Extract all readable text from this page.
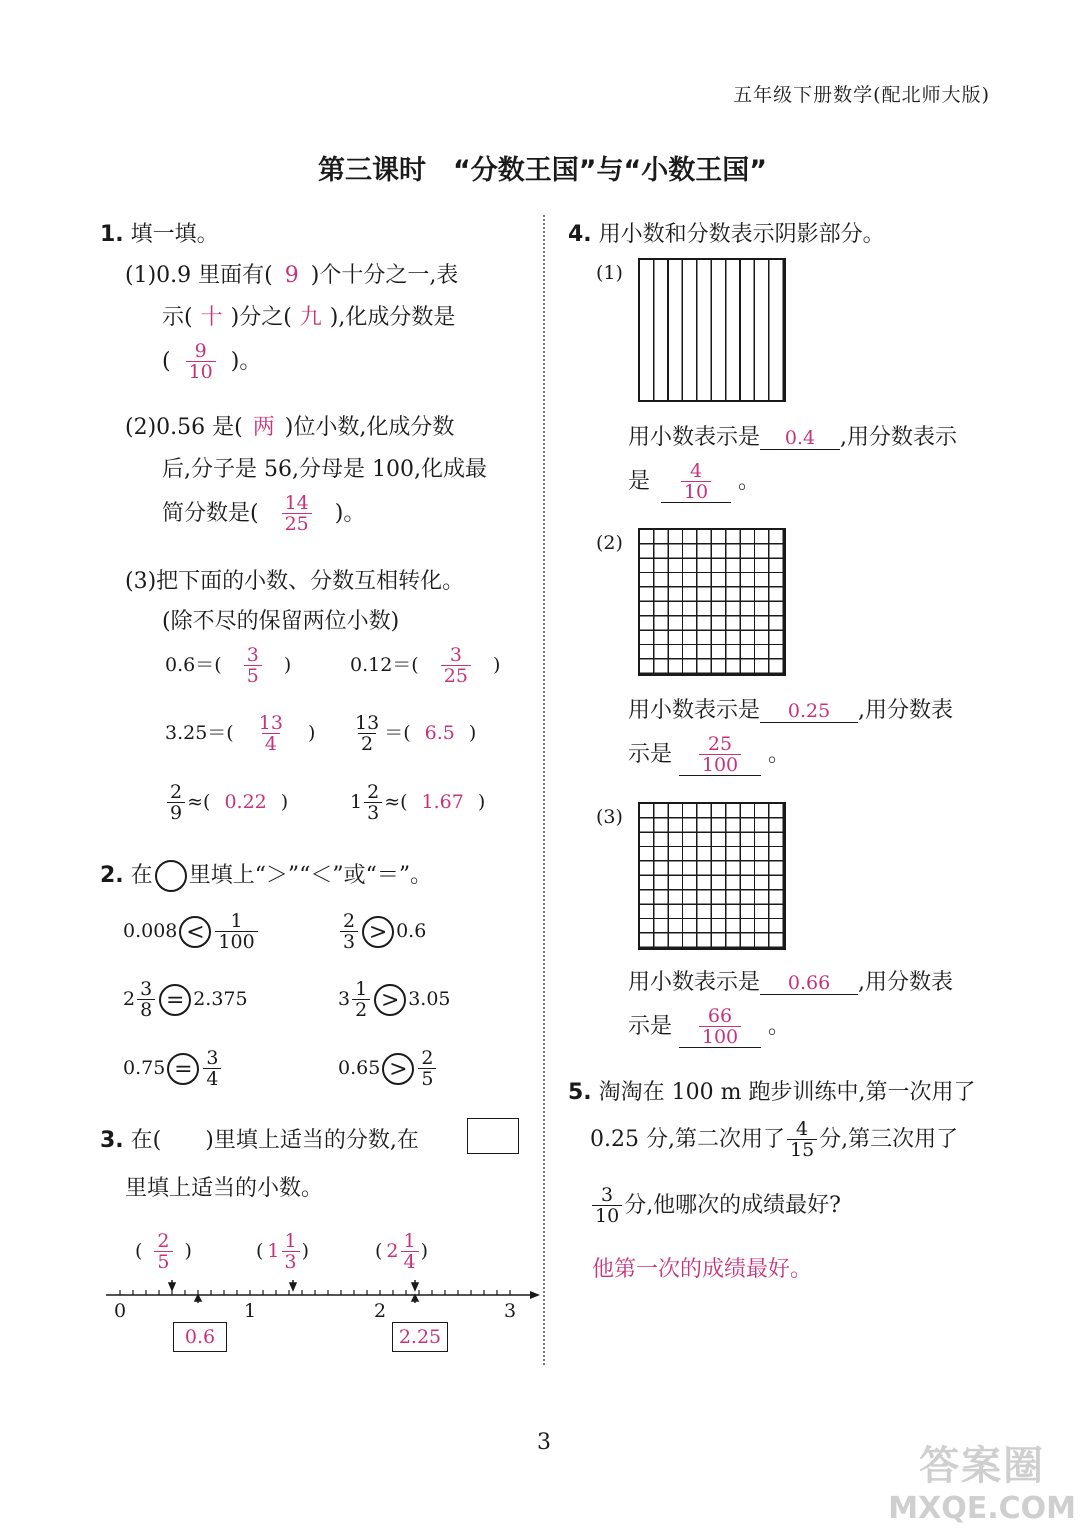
五年级下册数学(配北师大版)
第三课时　“分数王国”与“小数王国”
1. 填一填。
(1)0.9 里面有( 9 )个十分之一,表
示( 十 )分之( 九 ),化成分数是
( $\frac{9}{10}$ )。
(2)0.56 是( 两 )位小数,化成分数
后,分子是 56,分母是 100,化成最
简分数是( $\frac{14}{25}$ )。
(3)把下面的小数、分数互相转化。
(除不尽的保留两位小数)
$0.6=( \frac{3}{5}$ )	$0.12=( \frac{3}{25}$ )
$3.25=( \frac{13}{4}$ ) $\frac{13}{2}$ ＝( 6.5 )
$\frac{2}{9}$ ≈( 0.22 )	$1 \frac{2}{3}$ ≈( 1.67 )
2. 在 里填上“＞”“＜”或“＝”。
$0.008 < \frac{1}{100}$	$\frac{2}{3} > 0.6$
$2 \frac{3}{8} = 2.375$	$3 \frac{1}{2} > 3.05$
$0.75 = \frac{3}{4}$	$0.65 > \frac{2}{5}$
3. 在( )里填上适当的分数,在
里填上适当的小数。
( $\frac{2}{5}$ )	( $1 \frac{1}{3}$ )	( $2 \frac{1}{4}$ )
0	1	2	3
0.6	2.25
4. 用小数和分数表示阴影部分。
(1)
用小数表示是 0.4 ,用分数表示
是 $\frac{4}{10}$ 。
(2)
用小数表示是 0.25 ,用分数表
示是 $\frac{25}{100}$ 。
(3)
用小数表示是 0.66 ,用分数表
示是 $\frac{66}{100}$ 。
5. 淘淘在 100 m 跑步训练中,第一次用了
0.25 分,第二次用了 $\frac{4}{15}$ 分,第三次用了
$\frac{3}{10}$ 分,他哪次的成绩最好?
他第一次的成绩最好。
3
答案圈
MXQE.COM
